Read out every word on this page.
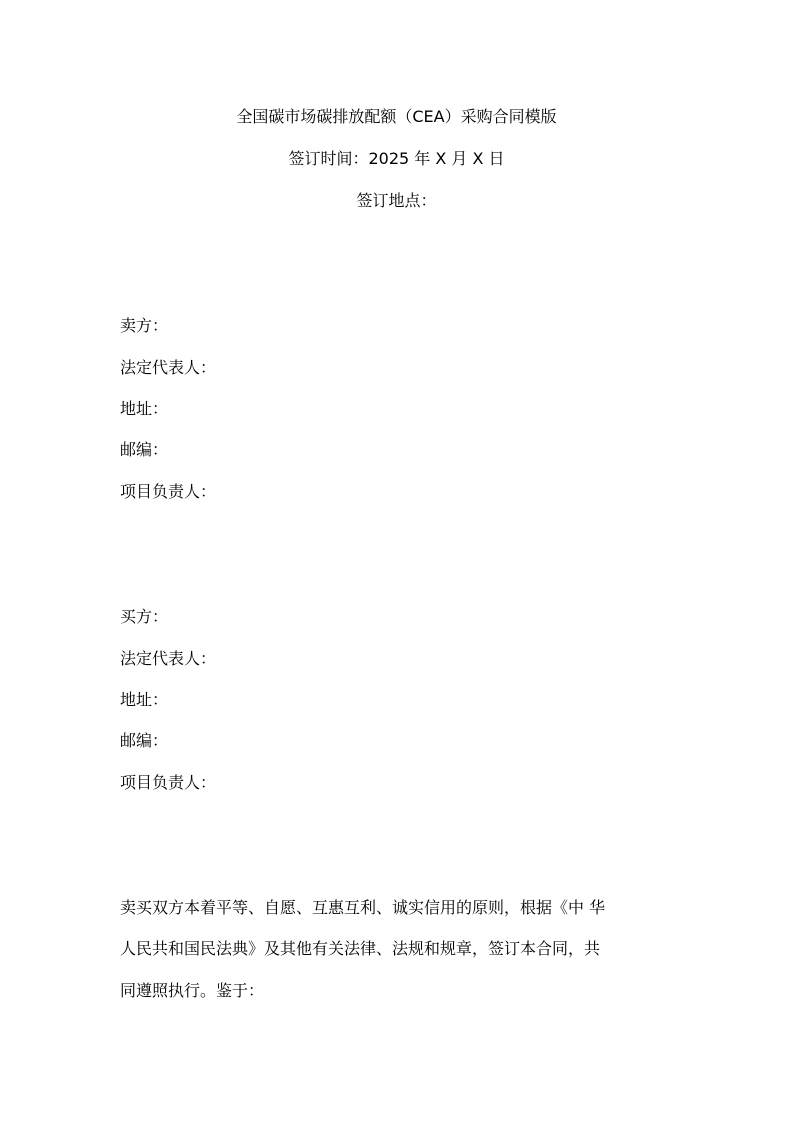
全国碳市场碳排放配额（CEA）采购合同模版
签订时间：2025 年 X 月 X 日
签订地点：
卖方：
法定代表人：
地址：
邮编：
项目负责人：
买方：
法定代表人：
地址：
邮编：
项目负责人：
卖买双方本着平等、自愿、互惠互利、诚实信用的原则，根据《中 华
人民共和国民法典》及其他有关法律、法规和规章，签订本合同，共
同遵照执行。鉴于：
